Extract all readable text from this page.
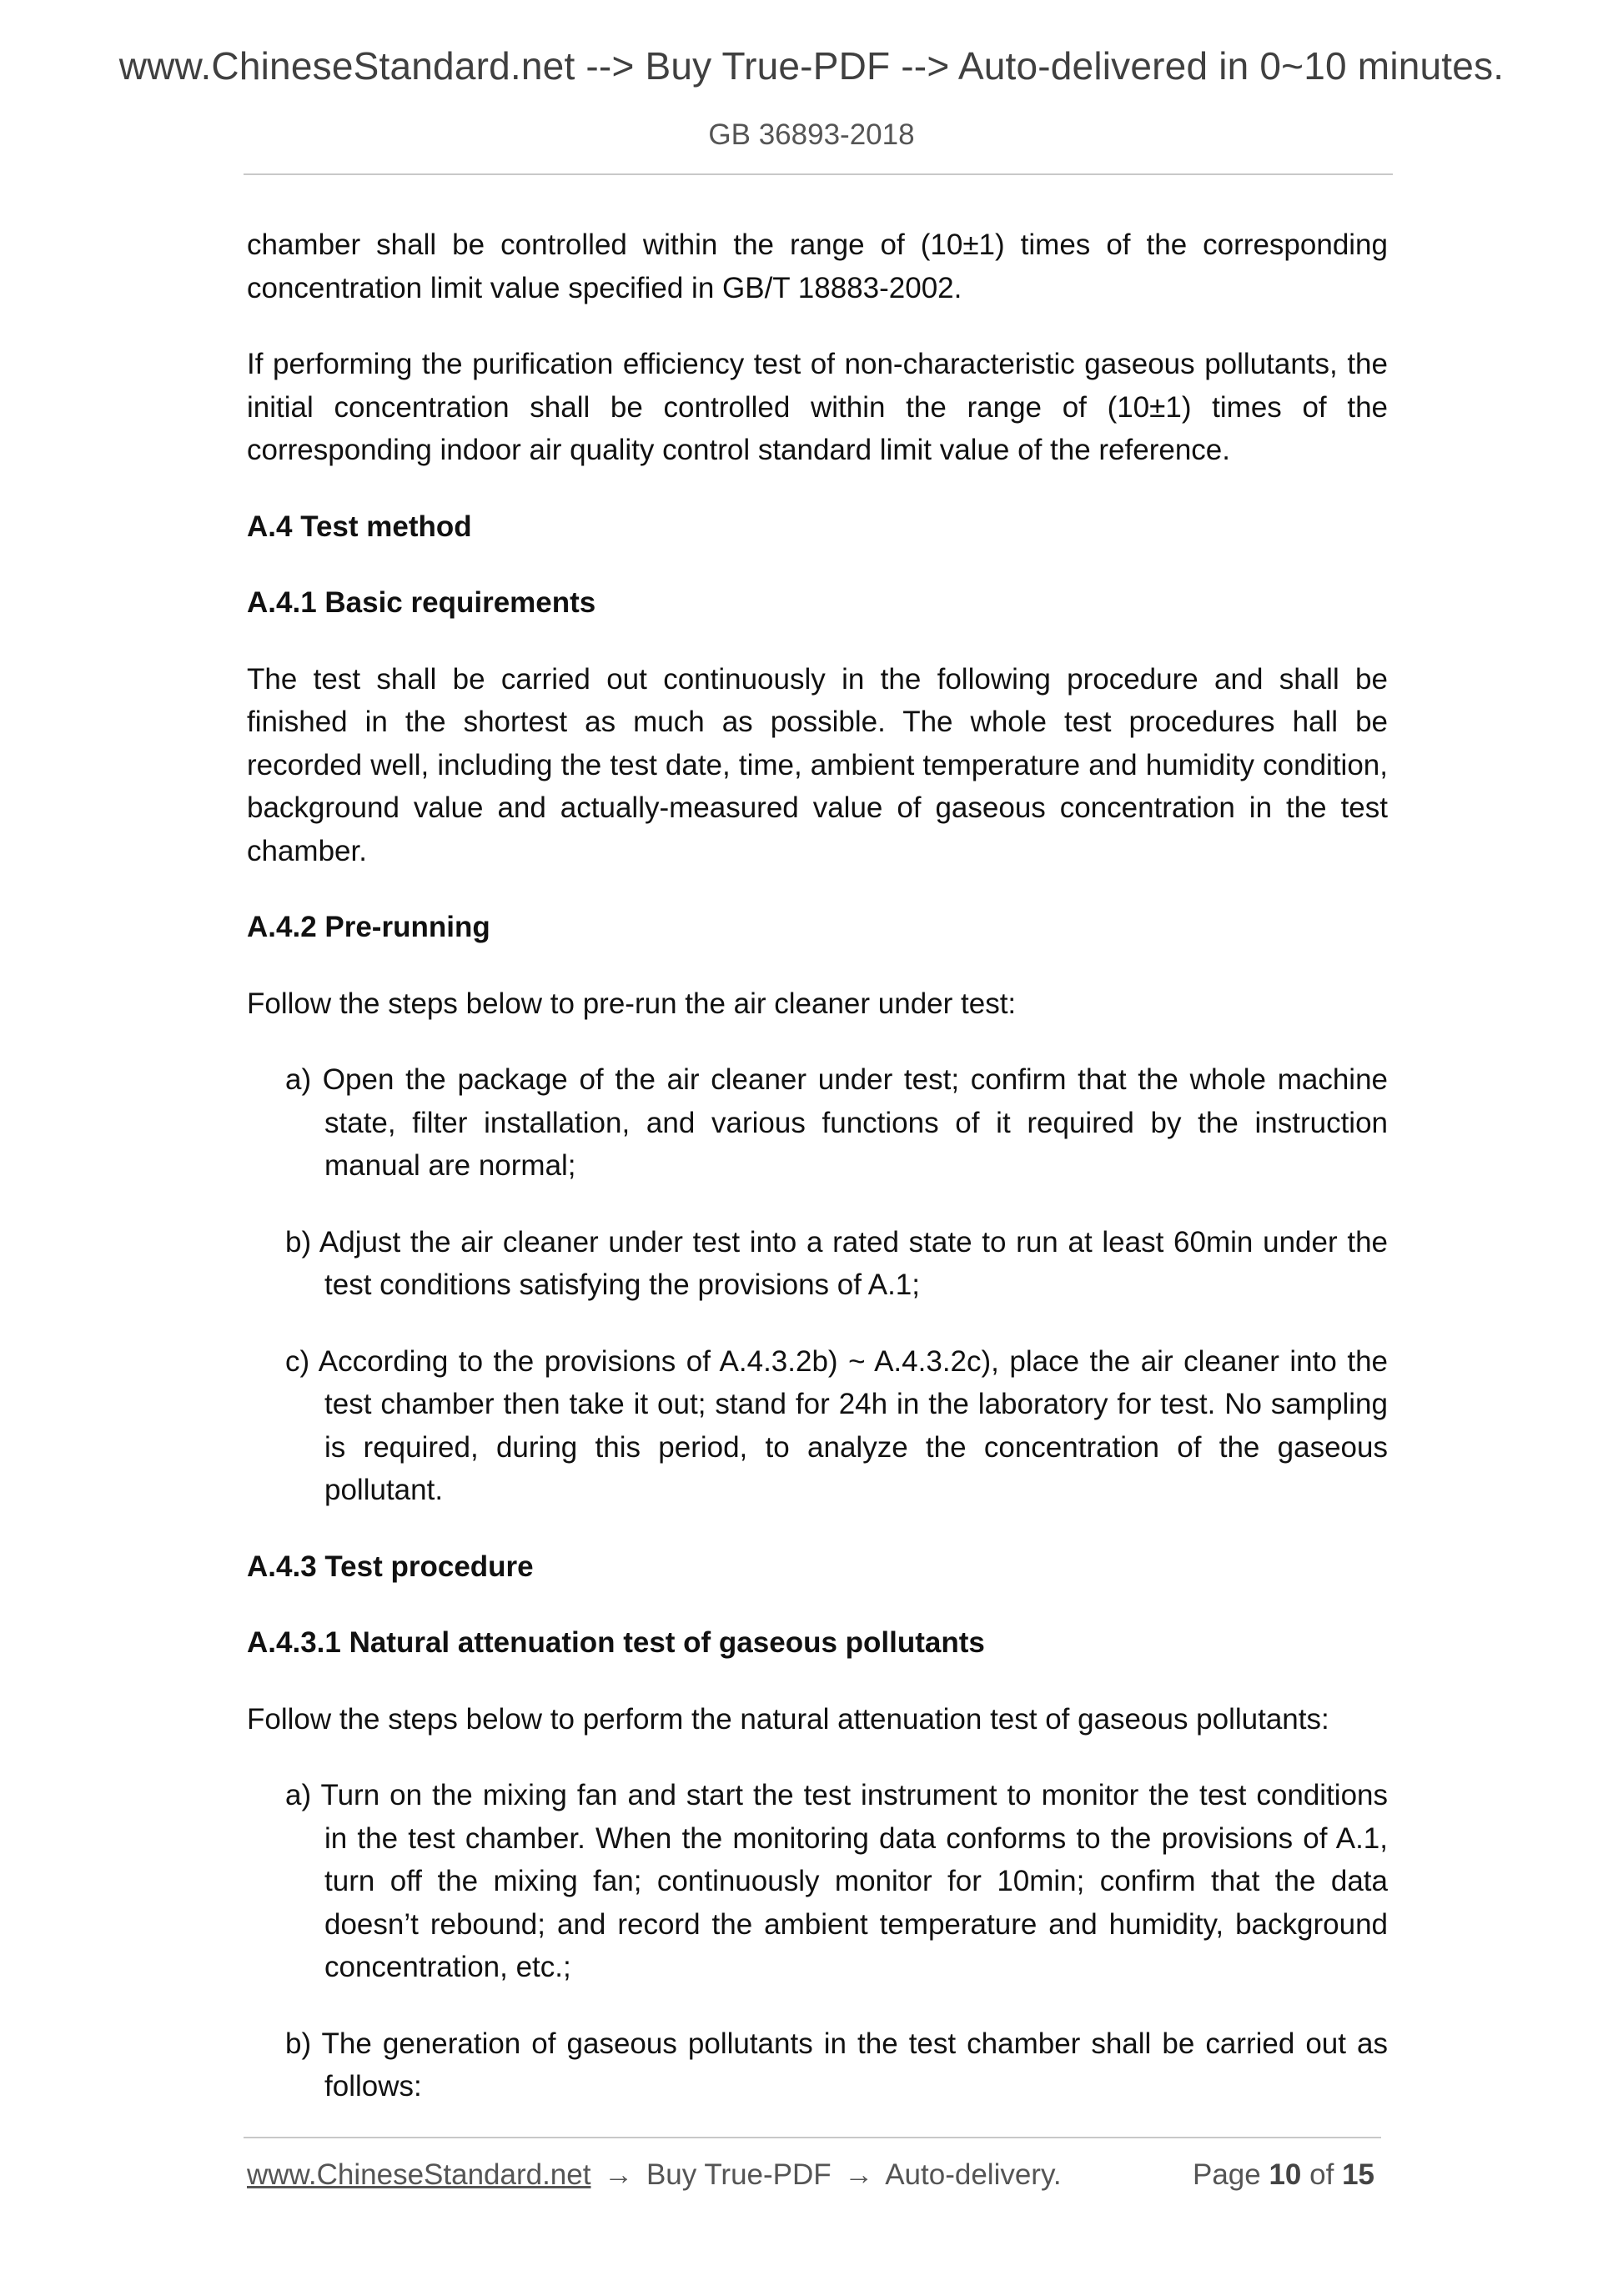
www.ChineseStandard.net --> Buy True-PDF --> Auto-delivered in 0~10 minutes.
GB 36893-2018

chamber shall be controlled within the range of (10±1) times of the corresponding concentration limit value specified in GB/T 18883-2002.

If performing the purification efficiency test of non-characteristic gaseous pollutants, the initial concentration shall be controlled within the range of (10±1) times of the corresponding indoor air quality control standard limit value of the reference.

A.4 Test method
A.4.1 Basic requirements

The test shall be carried out continuously in the following procedure and shall be finished in the shortest as much as possible. The whole test procedures hall be recorded well, including the test date, time, ambient temperature and humidity condition, background value and actually-measured value of gaseous concentration in the test chamber.

A.4.2 Pre-running

Follow the steps below to pre-run the air cleaner under test:

a) Open the package of the air cleaner under test; confirm that the whole machine state, filter installation, and various functions of it required by the instruction manual are normal;
b) Adjust the air cleaner under test into a rated state to run at least 60min under the test conditions satisfying the provisions of A.1;
c) According to the provisions of A.4.3.2b) ~ A.4.3.2c), place the air cleaner into the test chamber then take it out; stand for 24h in the laboratory for test. No sampling is required, during this period, to analyze the concentration of the gaseous pollutant.
A.4.3 Test procedure
A.4.3.1 Natural attenuation test of gaseous pollutants

Follow the steps below to perform the natural attenuation test of gaseous pollutants:

a) Turn on the mixing fan and start the test instrument to monitor the test conditions in the test chamber. When the monitoring data conforms to the provisions of A.1, turn off the mixing fan; continuously monitor for 10min; confirm that the data doesn’t rebound; and record the ambient temperature and humidity, background concentration, etc.;
b) The generation of gaseous pollutants in the test chamber shall be carried out as follows:
www.ChineseStandard.net → Buy True-PDF → Auto-delivery.	Page 10 of 15
